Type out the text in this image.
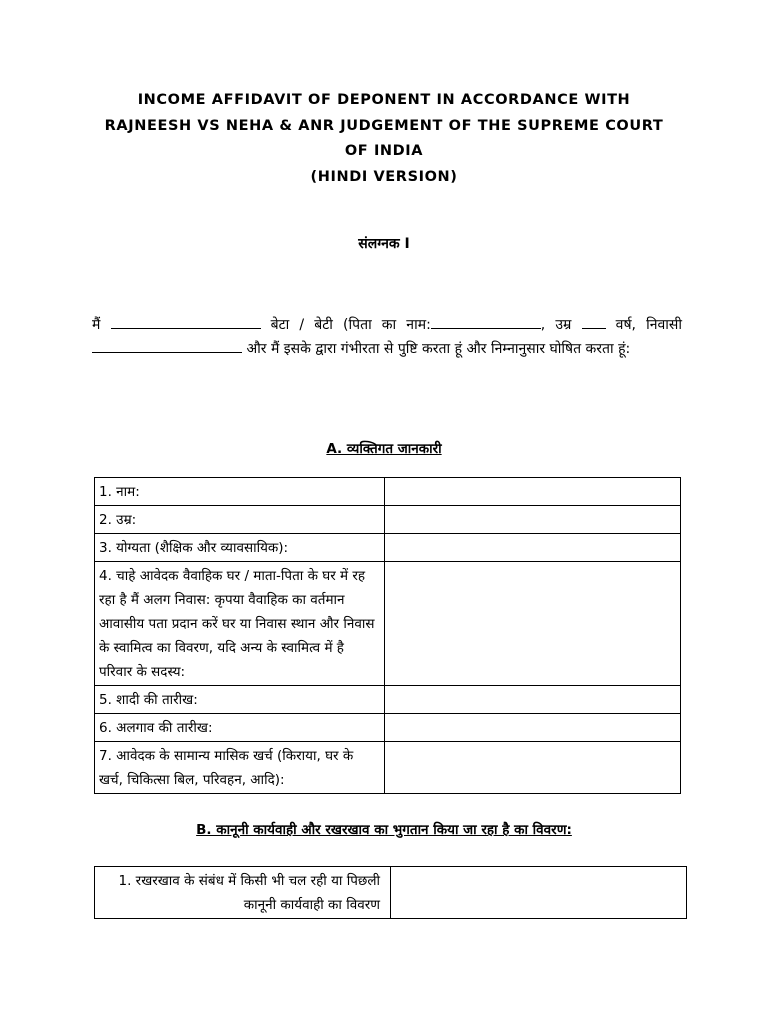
INCOME AFFIDAVIT OF DEPONENT IN ACCORDANCE WITH
RAJNEESH VS NEHA & ANR JUDGEMENT OF THE SUPREME COURT
OF INDIA
(HINDI VERSION)
संलग्नक I
मैं	बेटा / बेटी (पिता का नाम:	, उम्र	वर्ष, निवासी  और मैं इसके द्वारा गंभीरता से पुष्टि करता हूं और निम्नानुसार घोषित करता हूं:
A. व्यक्तिगत जानकारी
1. नाम:	
2. उम्र:	
3. योग्यता (शैक्षिक और व्यावसायिक):	
4. चाहे आवेदक वैवाहिक घर / माता-पिता के घर में रह रहा है मैं अलग निवास: कृपया वैवाहिक का वर्तमान आवासीय पता प्रदान करें घर या निवास स्थान और निवास के स्वामित्व का विवरण, यदि अन्य के स्वामित्व में है परिवार के सदस्य:	
5. शादी की तारीख:	
6. अलगाव की तारीख:	
7. आवेदक के सामान्य मासिक खर्च (किराया, घर के खर्च, चिकित्सा बिल, परिवहन, आदि):	
B. कानूनी कार्यवाही और रखरखाव का भुगतान किया जा रहा है का विवरण:
1. रखरखाव के संबंध में किसी भी चल रही या पिछली कानूनी कार्यवाही का विवरण	
